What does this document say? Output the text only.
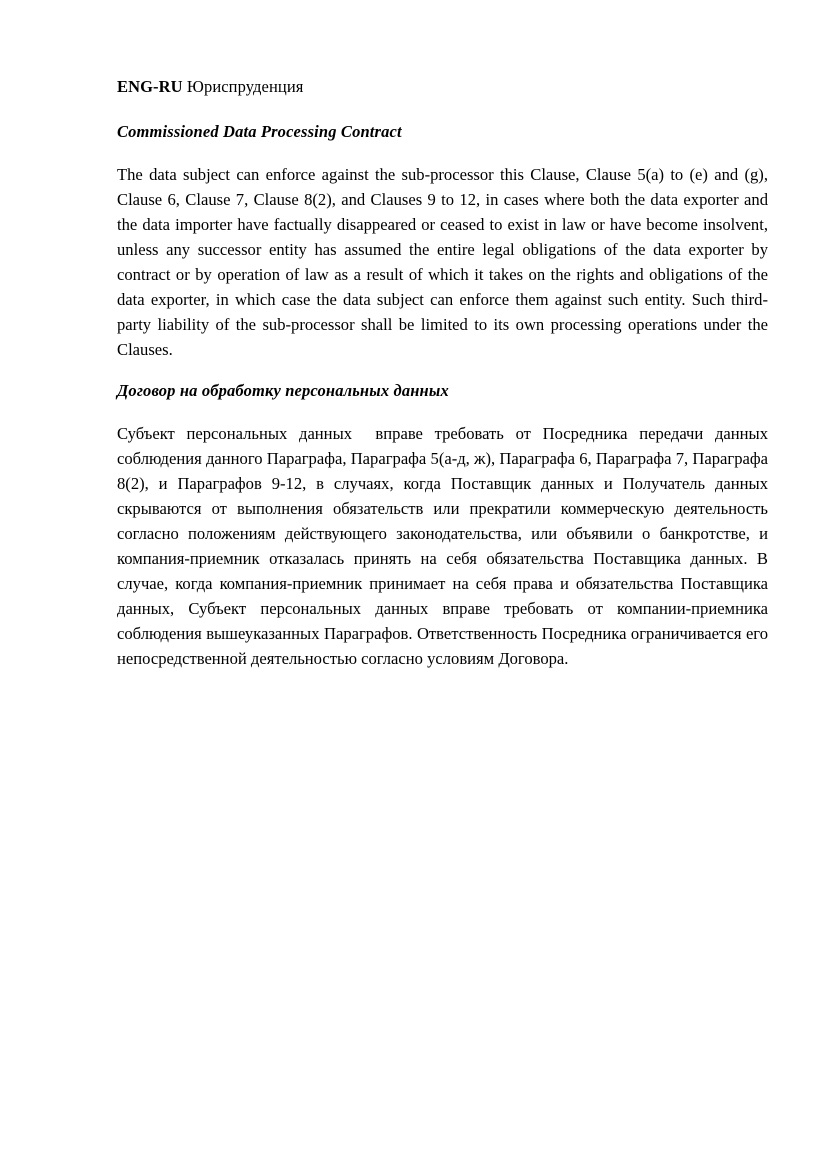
ENG-RU Юриспруденция
Commissioned Data Processing Contract

The data subject can enforce against the sub-processor this Clause, Clause 5(a) to (e) and (g), Clause 6, Clause 7, Clause 8(2), and Clauses 9 to 12, in cases where both the data exporter and the data importer have factually disappeared or ceased to exist in law or have become insolvent, unless any successor entity has assumed the entire legal obligations of the data exporter by contract or by operation of law as a result of which it takes on the rights and obligations of the data exporter, in which case the data subject can enforce them against such entity. Such third-party liability of the sub-processor shall be limited to its own processing operations under the Clauses.

Договор на обработку персональных данных

Субъект персональных данных  вправе требовать от Посредника передачи данных соблюдения данного Параграфа, Параграфа 5(а-д, ж), Параграфа 6, Параграфа 7, Параграфа 8(2), и Параграфов 9-12, в случаях, когда Поставщик данных и Получатель данных скрываются от выполнения обязательств или прекратили коммерческую деятельность согласно положениям действующего законодательства, или объявили о банкротстве, и компания-приемник отказалась принять на себя обязательства Поставщика данных. В случае, когда компания-приемник принимает на себя права и обязательства Поставщика данных, Субъект персональных данных вправе требовать от компании-приемника соблюдения вышеуказанных Параграфов. Ответственность Посредника ограничивается его непосредственной деятельностью согласно условиям Договора.
